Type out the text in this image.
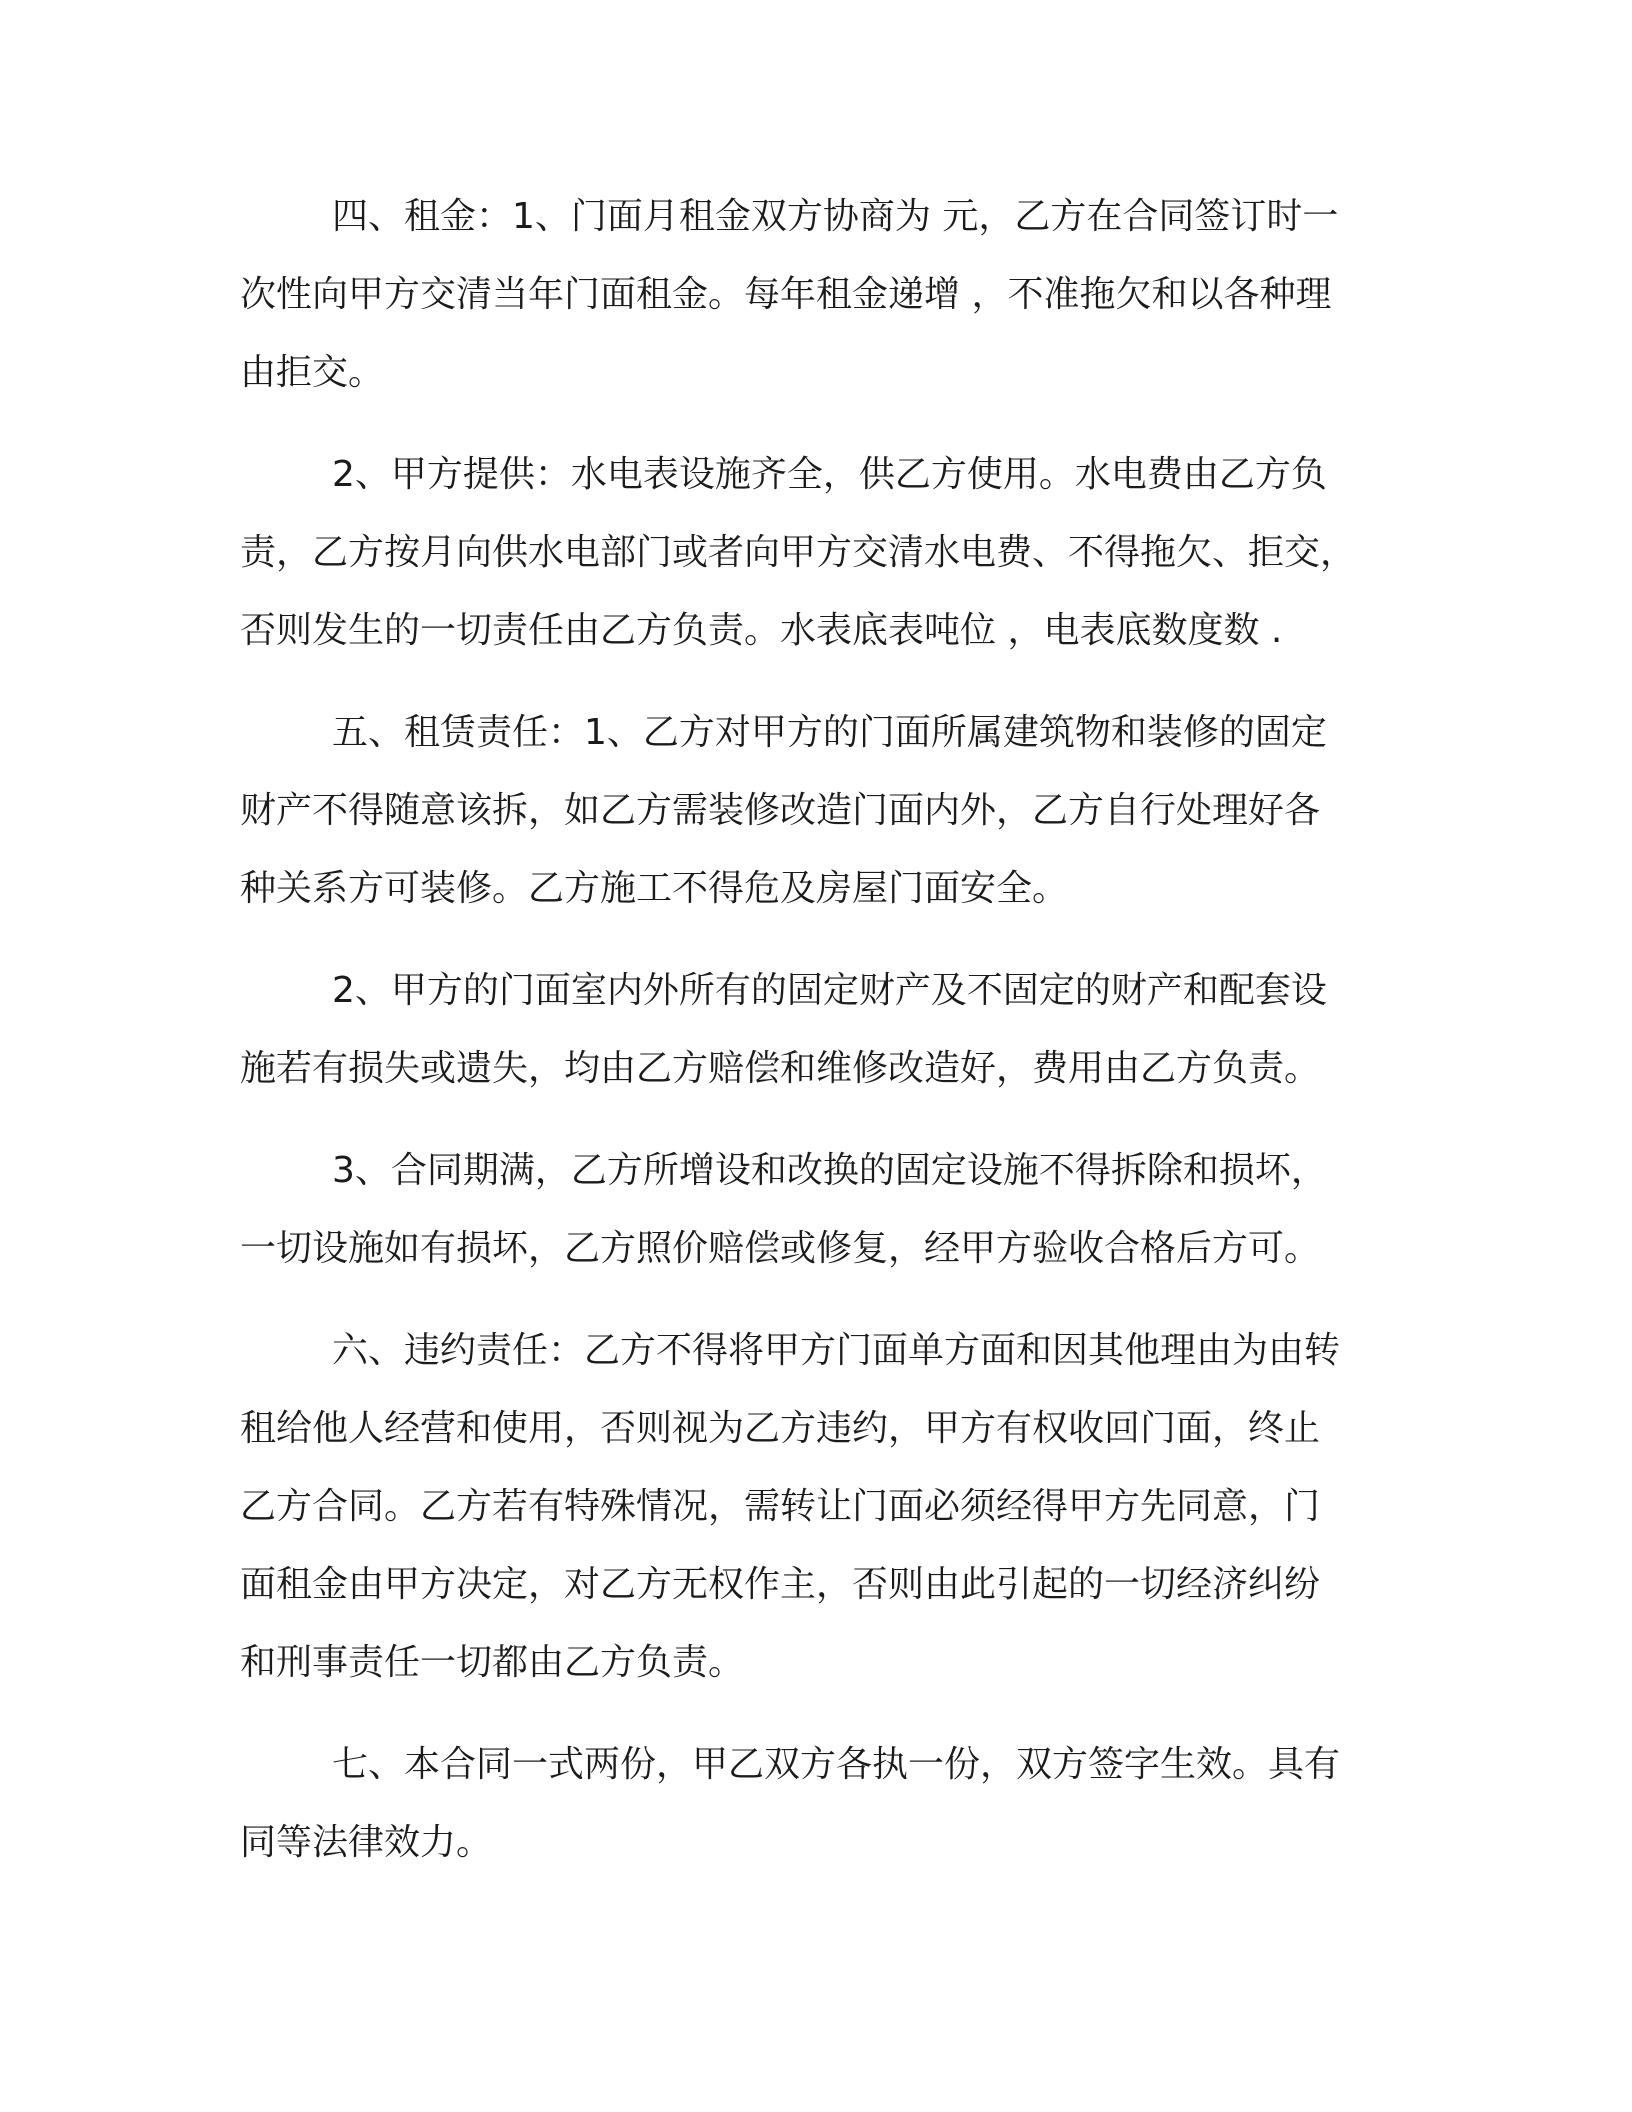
四、租金：1、门面月租金双方协商为 元，乙方在合同签订时一
次性向甲方交清当年门面租金。每年租金递增 ，不准拖欠和以各种理
由拒交。
2、甲方提供：水电表设施齐全，供乙方使用。水电费由乙方负
责，乙方按月向供水电部门或者向甲方交清水电费、不得拖欠、拒交，
否则发生的一切责任由乙方负责。水表底表吨位 ，电表底数度数 .
五、租赁责任：1、乙方对甲方的门面所属建筑物和装修的固定
财产不得随意该拆，如乙方需装修改造门面内外，乙方自行处理好各
种关系方可装修。乙方施工不得危及房屋门面安全。
2、甲方的门面室内外所有的固定财产及不固定的财产和配套设
施若有损失或遗失，均由乙方赔偿和维修改造好，费用由乙方负责。
3、合同期满，乙方所增设和改换的固定设施不得拆除和损坏，
一切设施如有损坏，乙方照价赔偿或修复，经甲方验收合格后方可。
六、违约责任：乙方不得将甲方门面单方面和因其他理由为由转
租给他人经营和使用，否则视为乙方违约，甲方有权收回门面，终止
乙方合同。乙方若有特殊情况，需转让门面必须经得甲方先同意，门
面租金由甲方决定，对乙方无权作主，否则由此引起的一切经济纠纷
和刑事责任一切都由乙方负责。
七、本合同一式两份，甲乙双方各执一份，双方签字生效。具有
同等法律效力。
